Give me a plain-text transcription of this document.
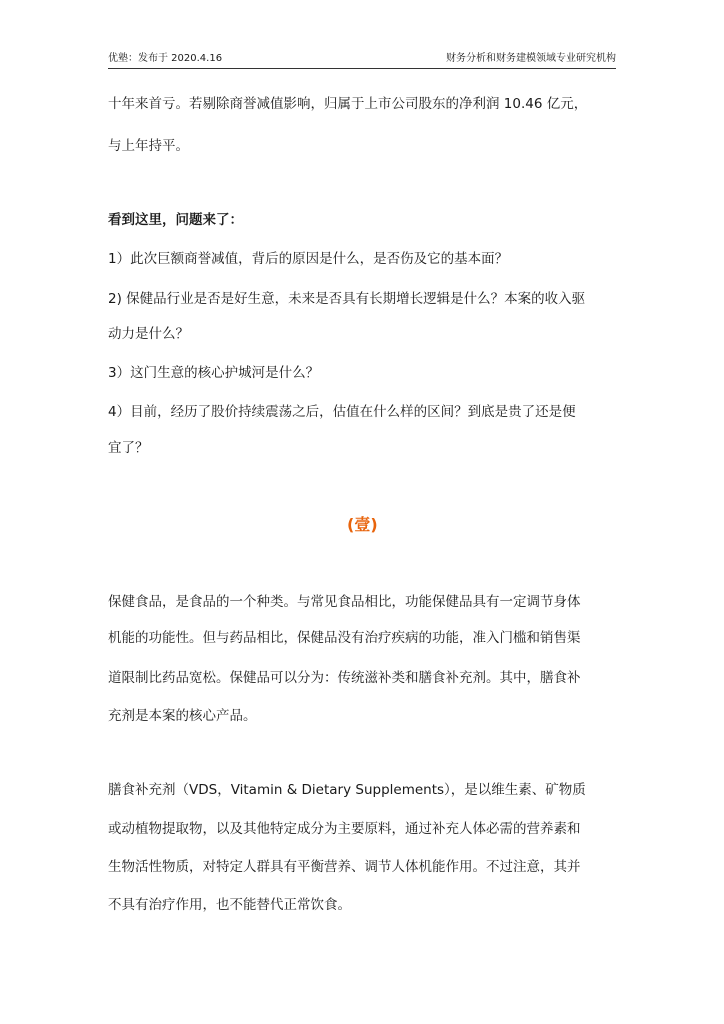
优塾：发布于 2020.4.16	财务分析和财务建模领域专业研究机构
十年来首亏。若剔除商誉减值影响，归属于上市公司股东的净利润 10.46 亿元，
与上年持平。
看到这里，问题来了：
1）此次巨额商誉减值，背后的原因是什么，是否伤及它的基本面？
2) 保健品行业是否是好生意，未来是否具有长期增长逻辑是什么？本案的收入驱
动力是什么？
3）这门生意的核心护城河是什么？
4）目前，经历了股价持续震荡之后，估值在什么样的区间？到底是贵了还是便
宜了？
保健食品，是食品的一个种类。与常见食品相比，功能保健品具有一定调节身体
机能的功能性。但与药品相比，保健品没有治疗疾病的功能，准入门槛和销售渠
道限制比药品宽松。保健品可以分为：传统滋补类和膳食补充剂。其中，膳食补
充剂是本案的核心产品。
膳食补充剂（VDS，Vitamin & Dietary Supplements），是以维生素、矿物质
或动植物提取物，以及其他特定成分为主要原料，通过补充人体必需的营养素和
生物活性物质，对特定人群具有平衡营养、调节人体机能作用。不过注意，其并
不具有治疗作用，也不能替代正常饮食。
(壹)
